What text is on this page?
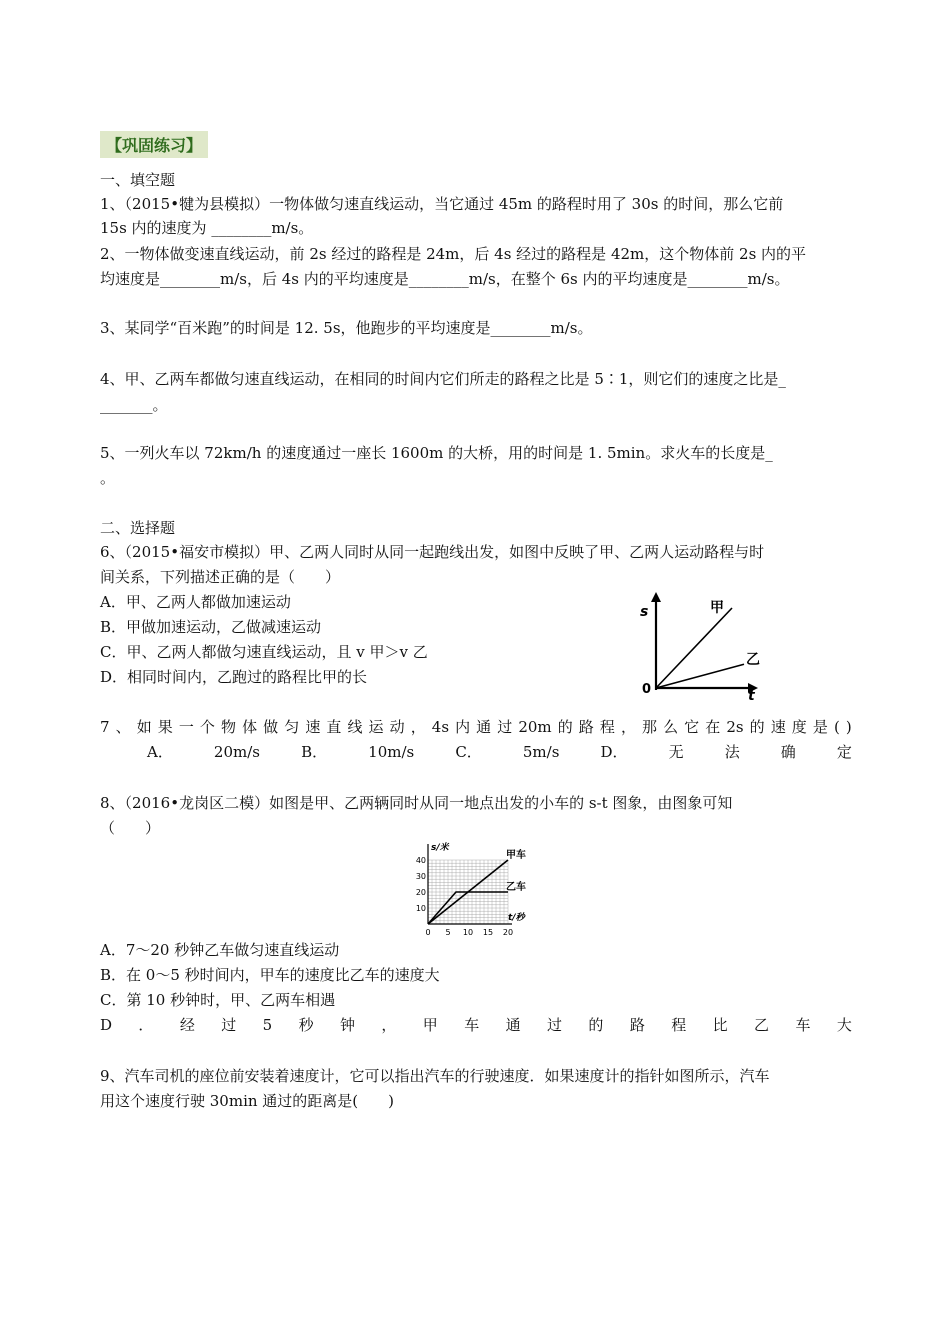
【巩固练习】
一、填空题
1、（2015•犍为县模拟）一物体做匀速直线运动，当它通过 45m 的路程时用了 30s 的时间，那么它前
15s 内的速度为 ________m/s。
2、一物体做变速直线运动，前 2s 经过的路程是 24m，后 4s 经过的路程是 42m，这个物体前 2s 内的平
均速度是________m/s，后 4s 内的平均速度是________m/s，在整个 6s 内的平均速度是________m/s。
3、某同学“百米跑”的时间是 12. 5s，他跑步的平均速度是________m/s。
4、甲、乙两车都做匀速直线运动，在相同的时间内它们所走的路程之比是 5∶1，则它们的速度之比是_
_______。
5、一列火车以 72km/h 的速度通过一座长 1600m 的大桥，用的时间是 1. 5min。求火车的长度是_
。
二、选择题
6、（2015•福安市模拟）甲、乙两人同时从同一起跑线出发，如图中反映了甲、乙两人运动路程与时
间关系，下列描述正确的是（　　）
A．甲、乙两人都做加速运动
B．甲做加速运动，乙做减速运动
C．甲、乙两人都做匀速直线运动，且 v 甲＞v 乙
D．相同时间内，乙跑过的路程比甲的长
s
t
0
甲
乙
7 、 如 果 一 个 物 体 做 匀 速 直 线 运 动 ， 4s 内 通 过 20m 的 路 程 ， 那 么 它 在 2s 的 速 度 是 ( )
A．	20m/s	B．	10m/s	C．	5m/s	D．	无	法	确	定
8、（2016•龙岗区二模）如图是甲、乙两辆同时从同一地点出发的小车的 s-t 图象，由图象可知
（　　）
40
30
20
10
0 5 10 15 20
s/米
t/秒
甲车
乙车
A．7～20 秒钟乙车做匀速直线运动
B．在 0～5 秒时间内，甲车的速度比乙车的速度大
C．第 10 秒钟时，甲、乙两车相遇
D ． 经 过 5 秒 钟 ， 甲 车 通 过 的 路 程 比 乙 车 大
9、汽车司机的座位前安装着速度计，它可以指出汽车的行驶速度．如果速度计的指针如图所示，汽车
用这个速度行驶 30min 通过的距离是(　　)
